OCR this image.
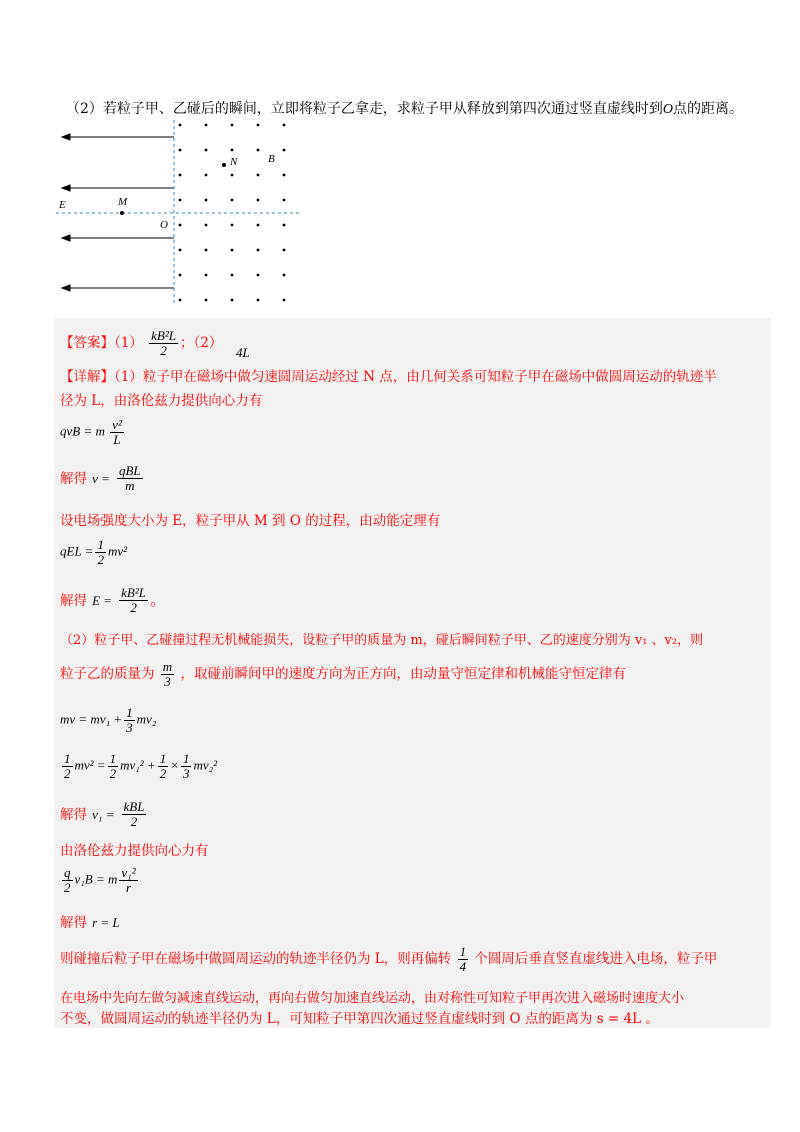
（2）若粒子甲、乙碰后的瞬间，立即将粒子乙拿走，求粒子甲从释放到第四次通过竖直虚线时到O点的距离。
N	B
M
E
O
【答案】$(1) \frac{\text{kB²L}}{2}$ ；（2）
4L
【详解】（1）粒子甲在磁场中做匀速圆周运动经过 N 点，由几何关系可知粒子甲在磁场中做圆周运动的轨迹半
径为 L，由洛伦兹力提供向心力有
qvB = m $\frac{\text{v²}}{L}$
解得 $v = \frac{\text{qBL}}{m}$
设电场强度大小为 E，粒子甲从 M 到 O 的过程，由动能定理有
qEL = $\frac{1}{2} mv^2$
解得 $E = \frac{\text{kB²L}}{2}$ 。
（2）粒子甲、乙碰撞过程无机械能损失，设粒子甲的质量为 m，碰后瞬间粒子甲、乙的速度分别为 v₁ 、v₂，则
粒子乙的质量为 $\frac{m}{3}$ ，取碰前瞬间甲的速度方向为正方向，由动量守恒定律和机械能守恒定律有
mv = $mv_1 + \frac{1}{3} mv_2$
$\frac{1}{2} mv^2 = \frac{1}{2} mv_1^2 + \frac{1}{2} \times \frac{1}{3} mv_2^2$
解得 $v_1 = \frac{\text{kBL}}{2}$
由洛伦兹力提供向心力有
$\frac{q}{2} v_1B = m \frac{\text{v₁²}}{r}$
解得 r = L
则碰撞后粒子甲在磁场中做圆周运动的轨迹半径仍为 L，则再偏转 $\frac{1}{4}$ 个圆周后垂直竖直虚线进入电场，粒子甲
在电场中先向左做匀减速直线运动，再向右做匀加速直线运动，由对称性可知粒子甲再次进入磁场时速度大小
不变，做圆周运动的轨迹半径仍为 L，可知粒子甲第四次通过竖直虚线时到 O 点的距离为 s = 4L 。
